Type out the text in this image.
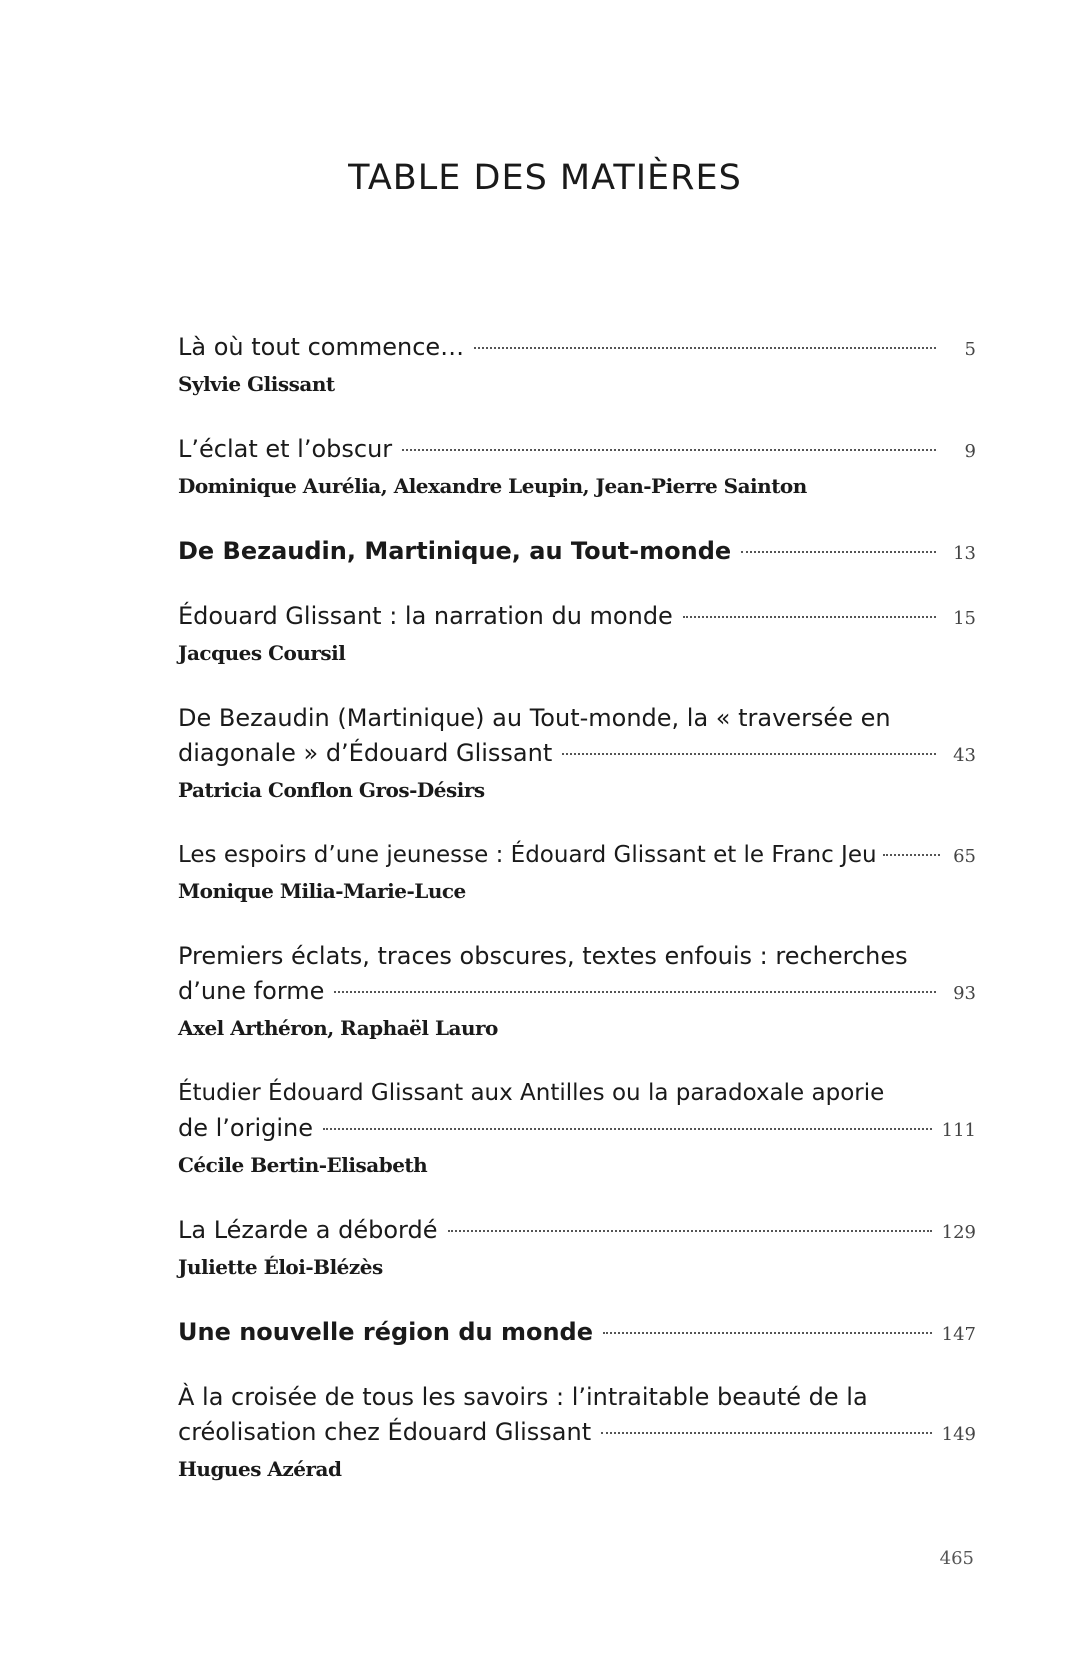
TABLE DES MATIÈRES
Là où tout commence…	5
Sylvie Glissant
L’éclat et l’obscur	9
Dominique Aurélia, Alexandre Leupin, Jean-Pierre Sainton
De Bezaudin, Martinique, au Tout-monde	13
Édouard Glissant : la narration du monde	15
Jacques Coursil
De Bezaudin (Martinique) au Tout-monde, la « traversée en
diagonale » d’Édouard Glissant	43
Patricia Conflon Gros-Désirs
Les espoirs d’une jeunesse : Édouard Glissant et le Franc Jeu	65
Monique Milia-Marie-Luce
Premiers éclats, traces obscures, textes enfouis : recherches
d’une forme	93
Axel Arthéron, Raphaël Lauro
Étudier Édouard Glissant aux Antilles ou la paradoxale aporie
de l’origine	111
Cécile Bertin-Elisabeth
La Lézarde a débordé	129
Juliette Éloi-Blézès
Une nouvelle région du monde	147
À la croisée de tous les savoirs : l’intraitable beauté de la
créolisation chez Édouard Glissant	149
Hugues Azérad
465
